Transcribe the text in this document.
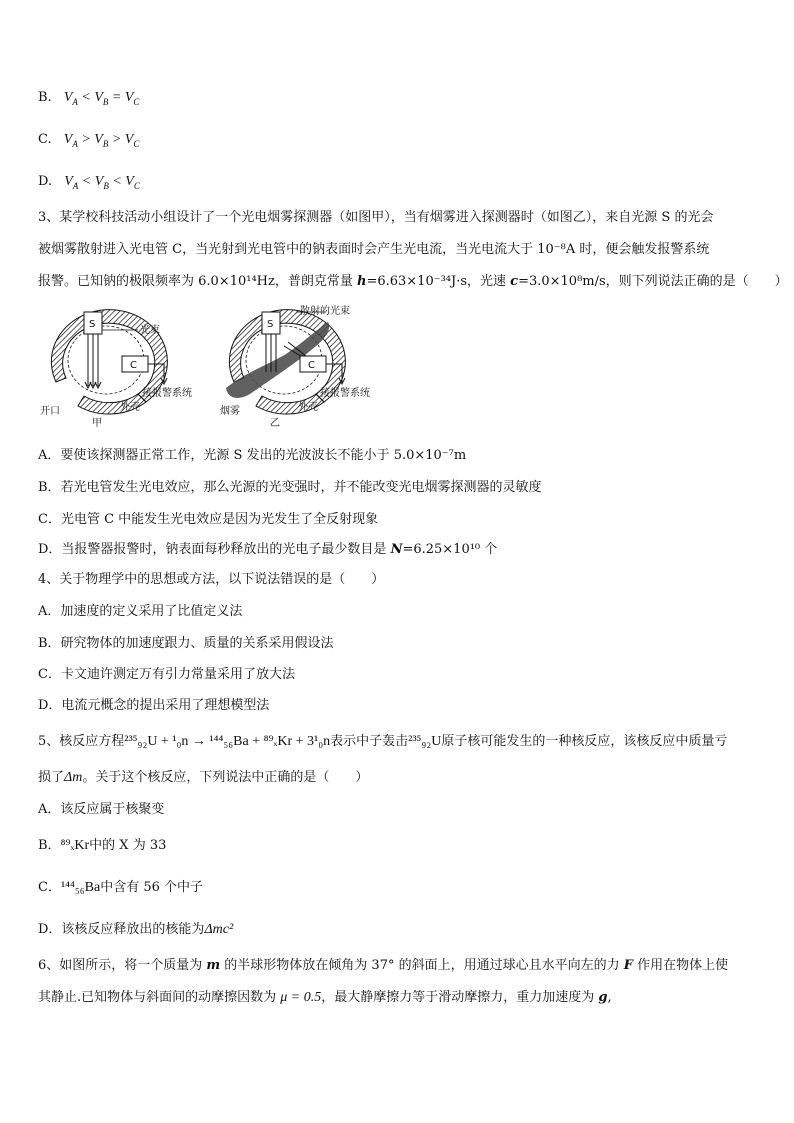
B. $V_A < V_B = V_C$
C. $V_A > V_B > V_C$
D. $V_A < V_B < V_C$
3、某学校科技活动小组设计了一个光电烟雾探测器（如图甲），当有烟雾进入探测器时（如图乙），来自光源 S 的光会
被烟雾散射进入光电管 C，当光射到光电管中的钠表面时会产生光电流，当光电流大于 10⁻⁸A 时，便会触发报警系统
报警。已知钠的极限频率为 6.0×10¹⁴Hz，普朗克常量 h=6.63×10⁻³⁴J·s，光速 c=3.0×10⁸m/s，则下列说法正确的是（　　）
S
光束
C
接报警系统
外壳
开口
甲
S
散射的光束
C
接报警系统
外壳
烟雾
乙
A．要使该探测器正常工作，光源 S 发出的光波波长不能小于 5.0×10⁻⁷m
B．若光电管发生光电效应，那么光源的光变强时，并不能改变光电烟雾探测器的灵敏度
C．光电管 C 中能发生光电效应是因为光发生了全反射现象
D．当报警器报警时，钠表面每秒释放出的光电子最少数目是 N=6.25×10¹⁰ 个
4、关于物理学中的思想或方法，以下说法错误的是（　　）
A．加速度的定义采用了比值定义法
B．研究物体的加速度跟力、质量的关系采用假设法
C．卡文迪许测定万有引力常量采用了放大法
D．电流元概念的提出采用了理想模型法
5、核反应方程²³⁵₉₂U + ¹₀n → ¹⁴⁴₅₆Ba + ⁸⁹ₓKr + 3¹₀n表示中子轰击²³⁵₉₂U原子核可能发生的一种核反应，该核反应中质量亏
损了Δm。关于这个核反应，下列说法中正确的是（　　）
A．该反应属于核聚变
B．⁸⁹ₓKr中的 X 为 33
C．¹⁴⁴₅₆Ba中含有 56 个中子
D．该核反应释放出的核能为Δmc²
6、如图所示，将一个质量为 m 的半球形物体放在倾角为 37° 的斜面上，用通过球心且水平向左的力 F 作用在物体上使
其静止.已知物体与斜面间的动摩擦因数为 μ = 0.5，最大静摩擦力等于滑动摩擦力，重力加速度为 g,
